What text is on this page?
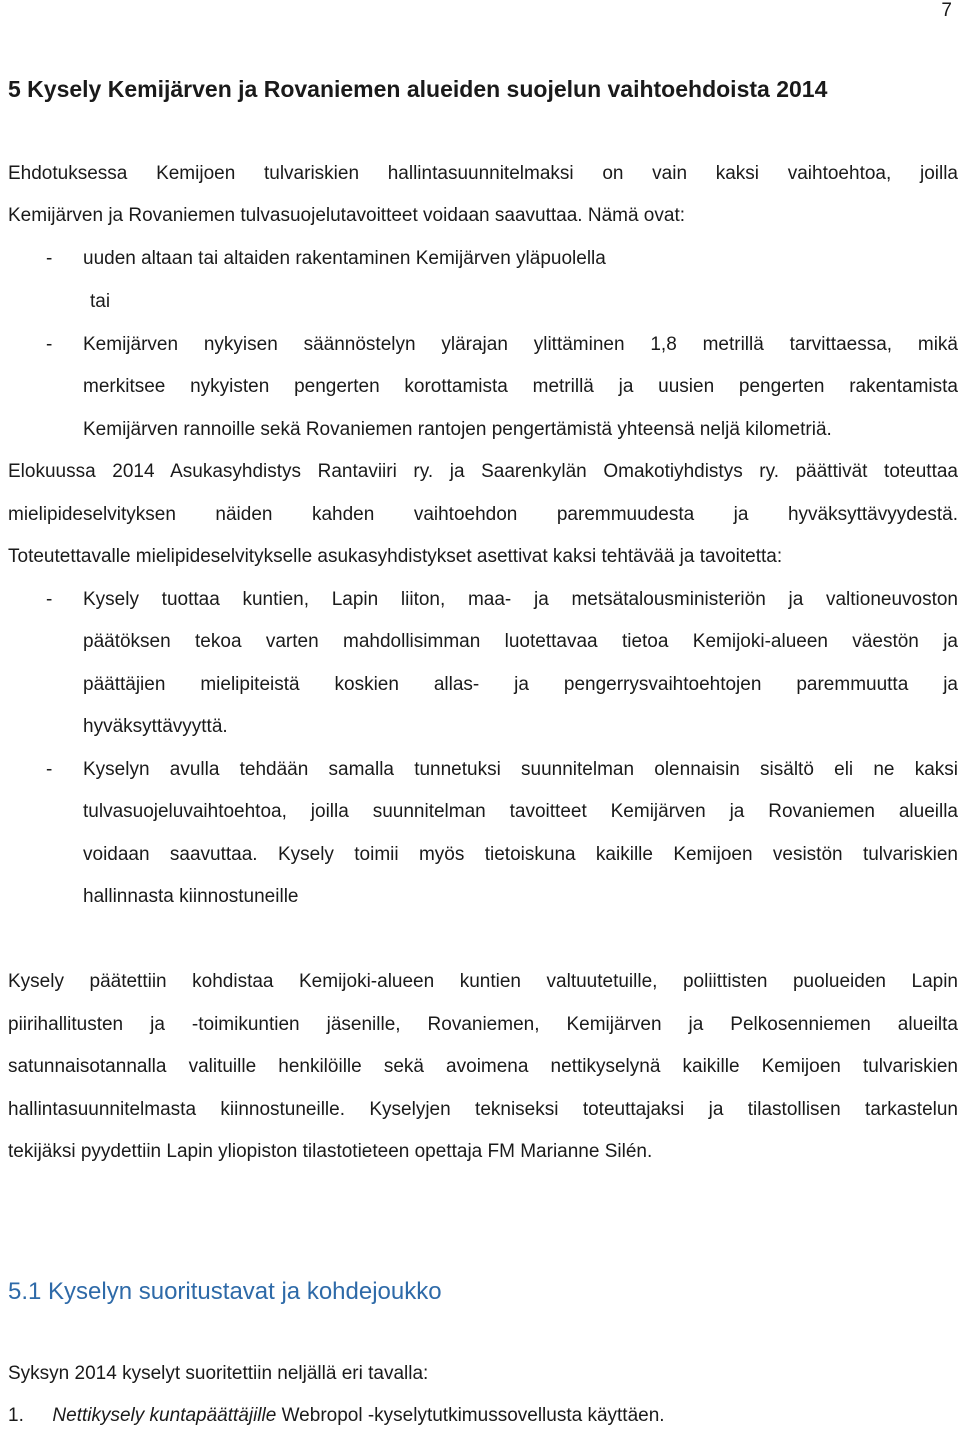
7
5 Kysely Kemijärven ja Rovaniemen alueiden suojelun vaihtoehdoista 2014
Ehdotuksessa Kemijoen tulvariskien hallintasuunnitelmaksi on vain kaksi vaihtoehtoa, joilla
Kemijärven ja Rovaniemen tulvasuojelutavoitteet voidaan saavuttaa. Nämä ovat:
- uuden altaan tai altaiden rakentaminen Kemijärven yläpuolella
tai
- Kemijärven nykyisen säännöstelyn ylärajan ylittäminen 1,8 metrillä tarvittaessa, mikä
merkitsee nykyisten pengerten korottamista metrillä ja uusien pengerten rakentamista
Kemijärven rannoille sekä Rovaniemen rantojen pengertämistä yhteensä neljä kilometriä.
Elokuussa 2014 Asukasyhdistys Rantaviiri ry. ja Saarenkylän Omakotiyhdistys ry. päättivät toteuttaa
mielipideselvityksen näiden kahden vaihtoehdon paremmuudesta ja hyväksyttävyydestä.
Toteutettavalle mielipideselvitykselle asukasyhdistykset asettivat kaksi tehtävää ja tavoitetta:
- Kysely tuottaa kuntien, Lapin liiton, maa- ja metsätalousministeriön ja valtioneuvoston
päätöksen tekoa varten mahdollisimman luotettavaa tietoa Kemijoki-alueen väestön ja
päättäjien mielipiteistä koskien allas- ja pengerrysvaihtoehtojen paremmuutta ja
hyväksyttävyyttä.
- Kyselyn avulla tehdään samalla tunnetuksi suunnitelman olennaisin sisältö eli ne kaksi
tulvasuojeluvaihtoehtoa, joilla suunnitelman tavoitteet Kemijärven ja Rovaniemen alueilla
voidaan saavuttaa. Kysely toimii myös tietoiskuna kaikille Kemijoen vesistön tulvariskien
hallinnasta kiinnostuneille
Kysely päätettiin kohdistaa Kemijoki-alueen kuntien valtuutetuille, poliittisten puolueiden Lapin
piirihallitusten ja -toimikuntien jäsenille, Rovaniemen, Kemijärven ja Pelkosenniemen alueilta
satunnaisotannalla valituille henkilöille sekä avoimena nettikyselynä kaikille Kemijoen tulvariskien
hallintasuunnitelmasta kiinnostuneille. Kyselyjen tekniseksi toteuttajaksi ja tilastollisen tarkastelun
tekijäksi pyydettiin Lapin yliopiston tilastotieteen opettaja FM Marianne Silén.
5.1 Kyselyn suoritustavat ja kohdejoukko
Syksyn 2014 kyselyt suoritettiin neljällä eri tavalla:
1. Nettikysely kuntapäättäjille Webropol -kyselytutkimussovellusta käyttäen.
